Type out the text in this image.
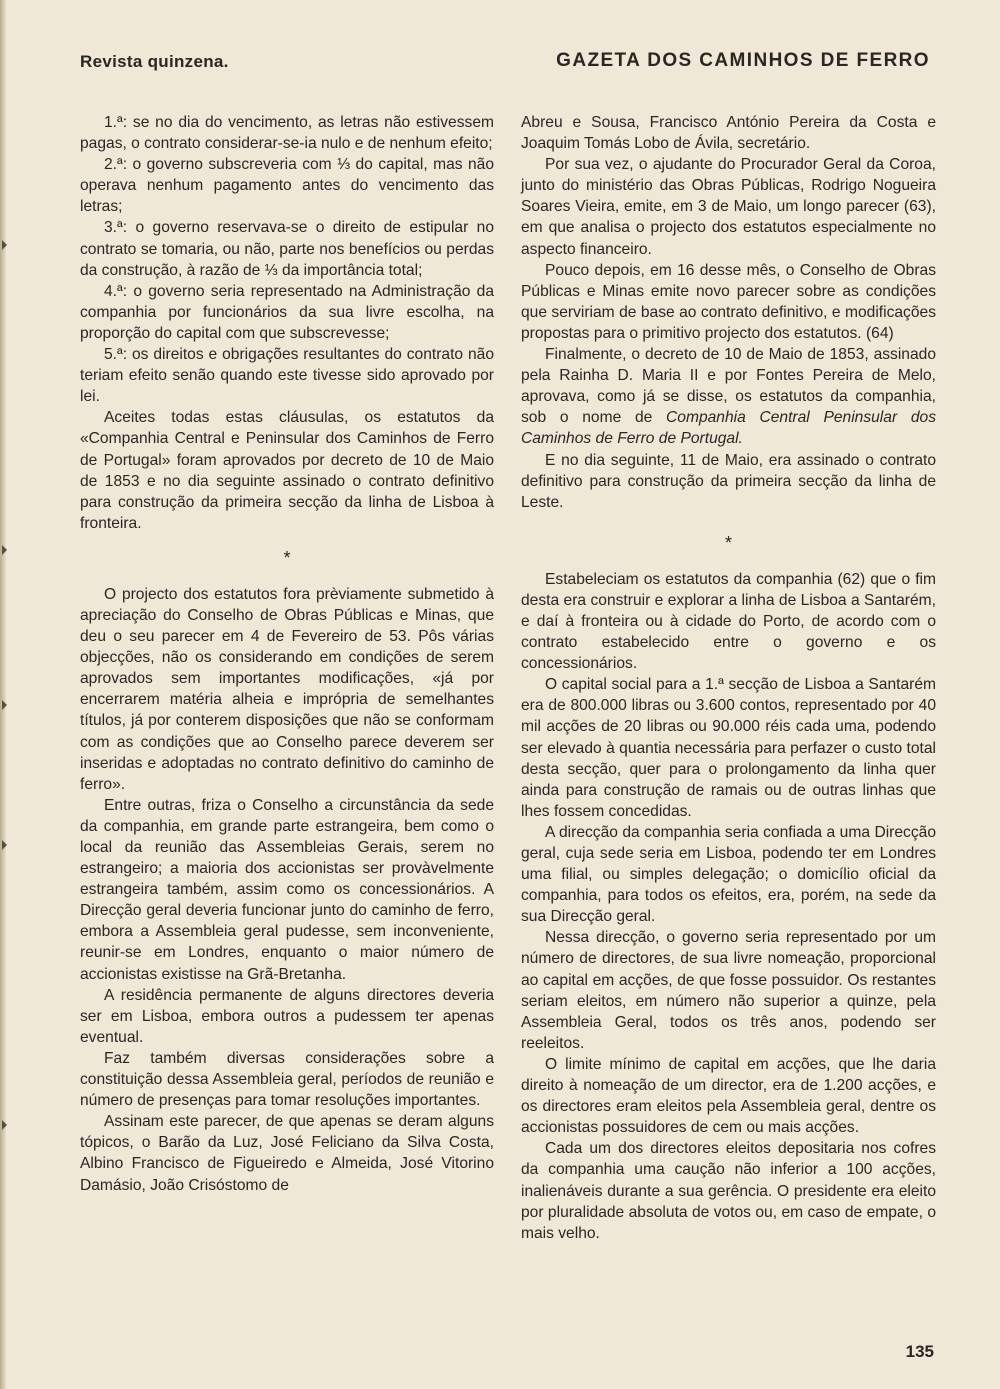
Revista quinzena.	GAZETA DOS CAMINHOS DE FERRO

1.ª: se no dia do vencimento, as letras não estivessem pagas, o contrato considerar-se-ia nulo e de nenhum efeito;

2.ª: o governo subscreveria com ⅓ do capital, mas não operava nenhum pagamento antes do vencimento das letras;

3.ª: o governo reservava-se o direito de estipular no contrato se tomaria, ou não, parte nos benefícios ou perdas da construção, à razão de ⅓ da importância total;

4.ª: o governo seria representado na Administração da companhia por funcionários da sua livre escolha, na proporção do capital com que subscrevesse;

5.ª: os direitos e obrigações resultantes do contrato não teriam efeito senão quando este tivesse sido aprovado por lei.

Aceites todas estas cláusulas, os estatutos da «Companhia Central e Peninsular dos Caminhos de Ferro de Portugal» foram aprovados por decreto de 10 de Maio de 1853 e no dia seguinte assinado o contrato definitivo para construção da primeira secção da linha de Lisboa à fronteira.

*

O projecto dos estatutos fora prèviamente submetido à apreciação do Conselho de Obras Públicas e Minas, que deu o seu parecer em 4 de Fevereiro de 53. Pôs várias objecções, não os considerando em condições de serem aprovados sem importantes modificações, «já por encerrarem matéria alheia e imprópria de semelhantes títulos, já por conterem disposições que não se conformam com as condições que ao Conselho parece deverem ser inseridas e adoptadas no contrato definitivo do caminho de ferro».

Entre outras, friza o Conselho a circunstância da sede da companhia, em grande parte estrangeira, bem como o local da reunião das Assembleias Gerais, serem no estrangeiro; a maioria dos accionistas ser provàvelmente estrangeira também, assim como os concessionários. A Direcção geral deveria funcionar junto do caminho de ferro, embora a Assembleia geral pudesse, sem inconveniente, reunir-se em Londres, enquanto o maior número de accionistas existisse na Grã-Bretanha.

A residência permanente de alguns directores deveria ser em Lisboa, embora outros a pudessem ter apenas eventual.

Faz também diversas considerações sobre a constituição dessa Assembleia geral, períodos de reunião e número de presenças para tomar resoluções importantes.

Assinam este parecer, de que apenas se deram alguns tópicos, o Barão da Luz, José Feliciano da Silva Costa, Albino Francisco de Figueiredo e Almeida, José Vitorino Damásio, João Crisóstomo de

Abreu e Sousa, Francisco António Pereira da Costa e Joaquim Tomás Lobo de Ávila, secretário.

Por sua vez, o ajudante do Procurador Geral da Coroa, junto do ministério das Obras Públicas, Rodrigo Nogueira Soares Vieira, emite, em 3 de Maio, um longo parecer (63), em que analisa o projecto dos estatutos especialmente no aspecto financeiro.

Pouco depois, em 16 desse mês, o Conselho de Obras Públicas e Minas emite novo parecer sobre as condições que serviriam de base ao contrato definitivo, e modificações propostas para o primitivo projecto dos estatutos. (64)

Finalmente, o decreto de 10 de Maio de 1853, assinado pela Rainha D. Maria II e por Fontes Pereira de Melo, aprovava, como já se disse, os estatutos da companhia, sob o nome de Companhia Central Peninsular dos Caminhos de Ferro de Portugal.

E no dia seguinte, 11 de Maio, era assinado o contrato definitivo para construção da primeira secção da linha de Leste.

*

Estabeleciam os estatutos da companhia (62) que o fim desta era construir e explorar a linha de Lisboa a Santarém, e daí à fronteira ou à cidade do Porto, de acordo com o contrato estabelecido entre o governo e os concessionários.

O capital social para a 1.ª secção de Lisboa a Santarém era de 800.000 libras ou 3.600 contos, representado por 40 mil acções de 20 libras ou 90.000 réis cada uma, podendo ser elevado à quantia necessária para perfazer o custo total desta secção, quer para o prolongamento da linha quer ainda para construção de ramais ou de outras linhas que lhes fossem concedidas.

A direcção da companhia seria confiada a uma Direcção geral, cuja sede seria em Lisboa, podendo ter em Londres uma filial, ou simples delegação; o domicílio oficial da companhia, para todos os efeitos, era, porém, na sede da sua Direcção geral.

Nessa direcção, o governo seria representado por um número de directores, de sua livre nomeação, proporcional ao capital em acções, de que fosse possuidor. Os restantes seriam eleitos, em número não superior a quinze, pela Assembleia Geral, todos os três anos, podendo ser reeleitos.

O limite mínimo de capital em acções, que lhe daria direito à nomeação de um director, era de 1.200 acções, e os directores eram eleitos pela Assembleia geral, dentre os accionistas possuidores de cem ou mais acções.

Cada um dos directores eleitos depositaria nos cofres da companhia uma caução não inferior a 100 acções, inalienáveis durante a sua gerência. O presidente era eleito por pluralidade absoluta de votos ou, em caso de empate, o mais velho.

135
